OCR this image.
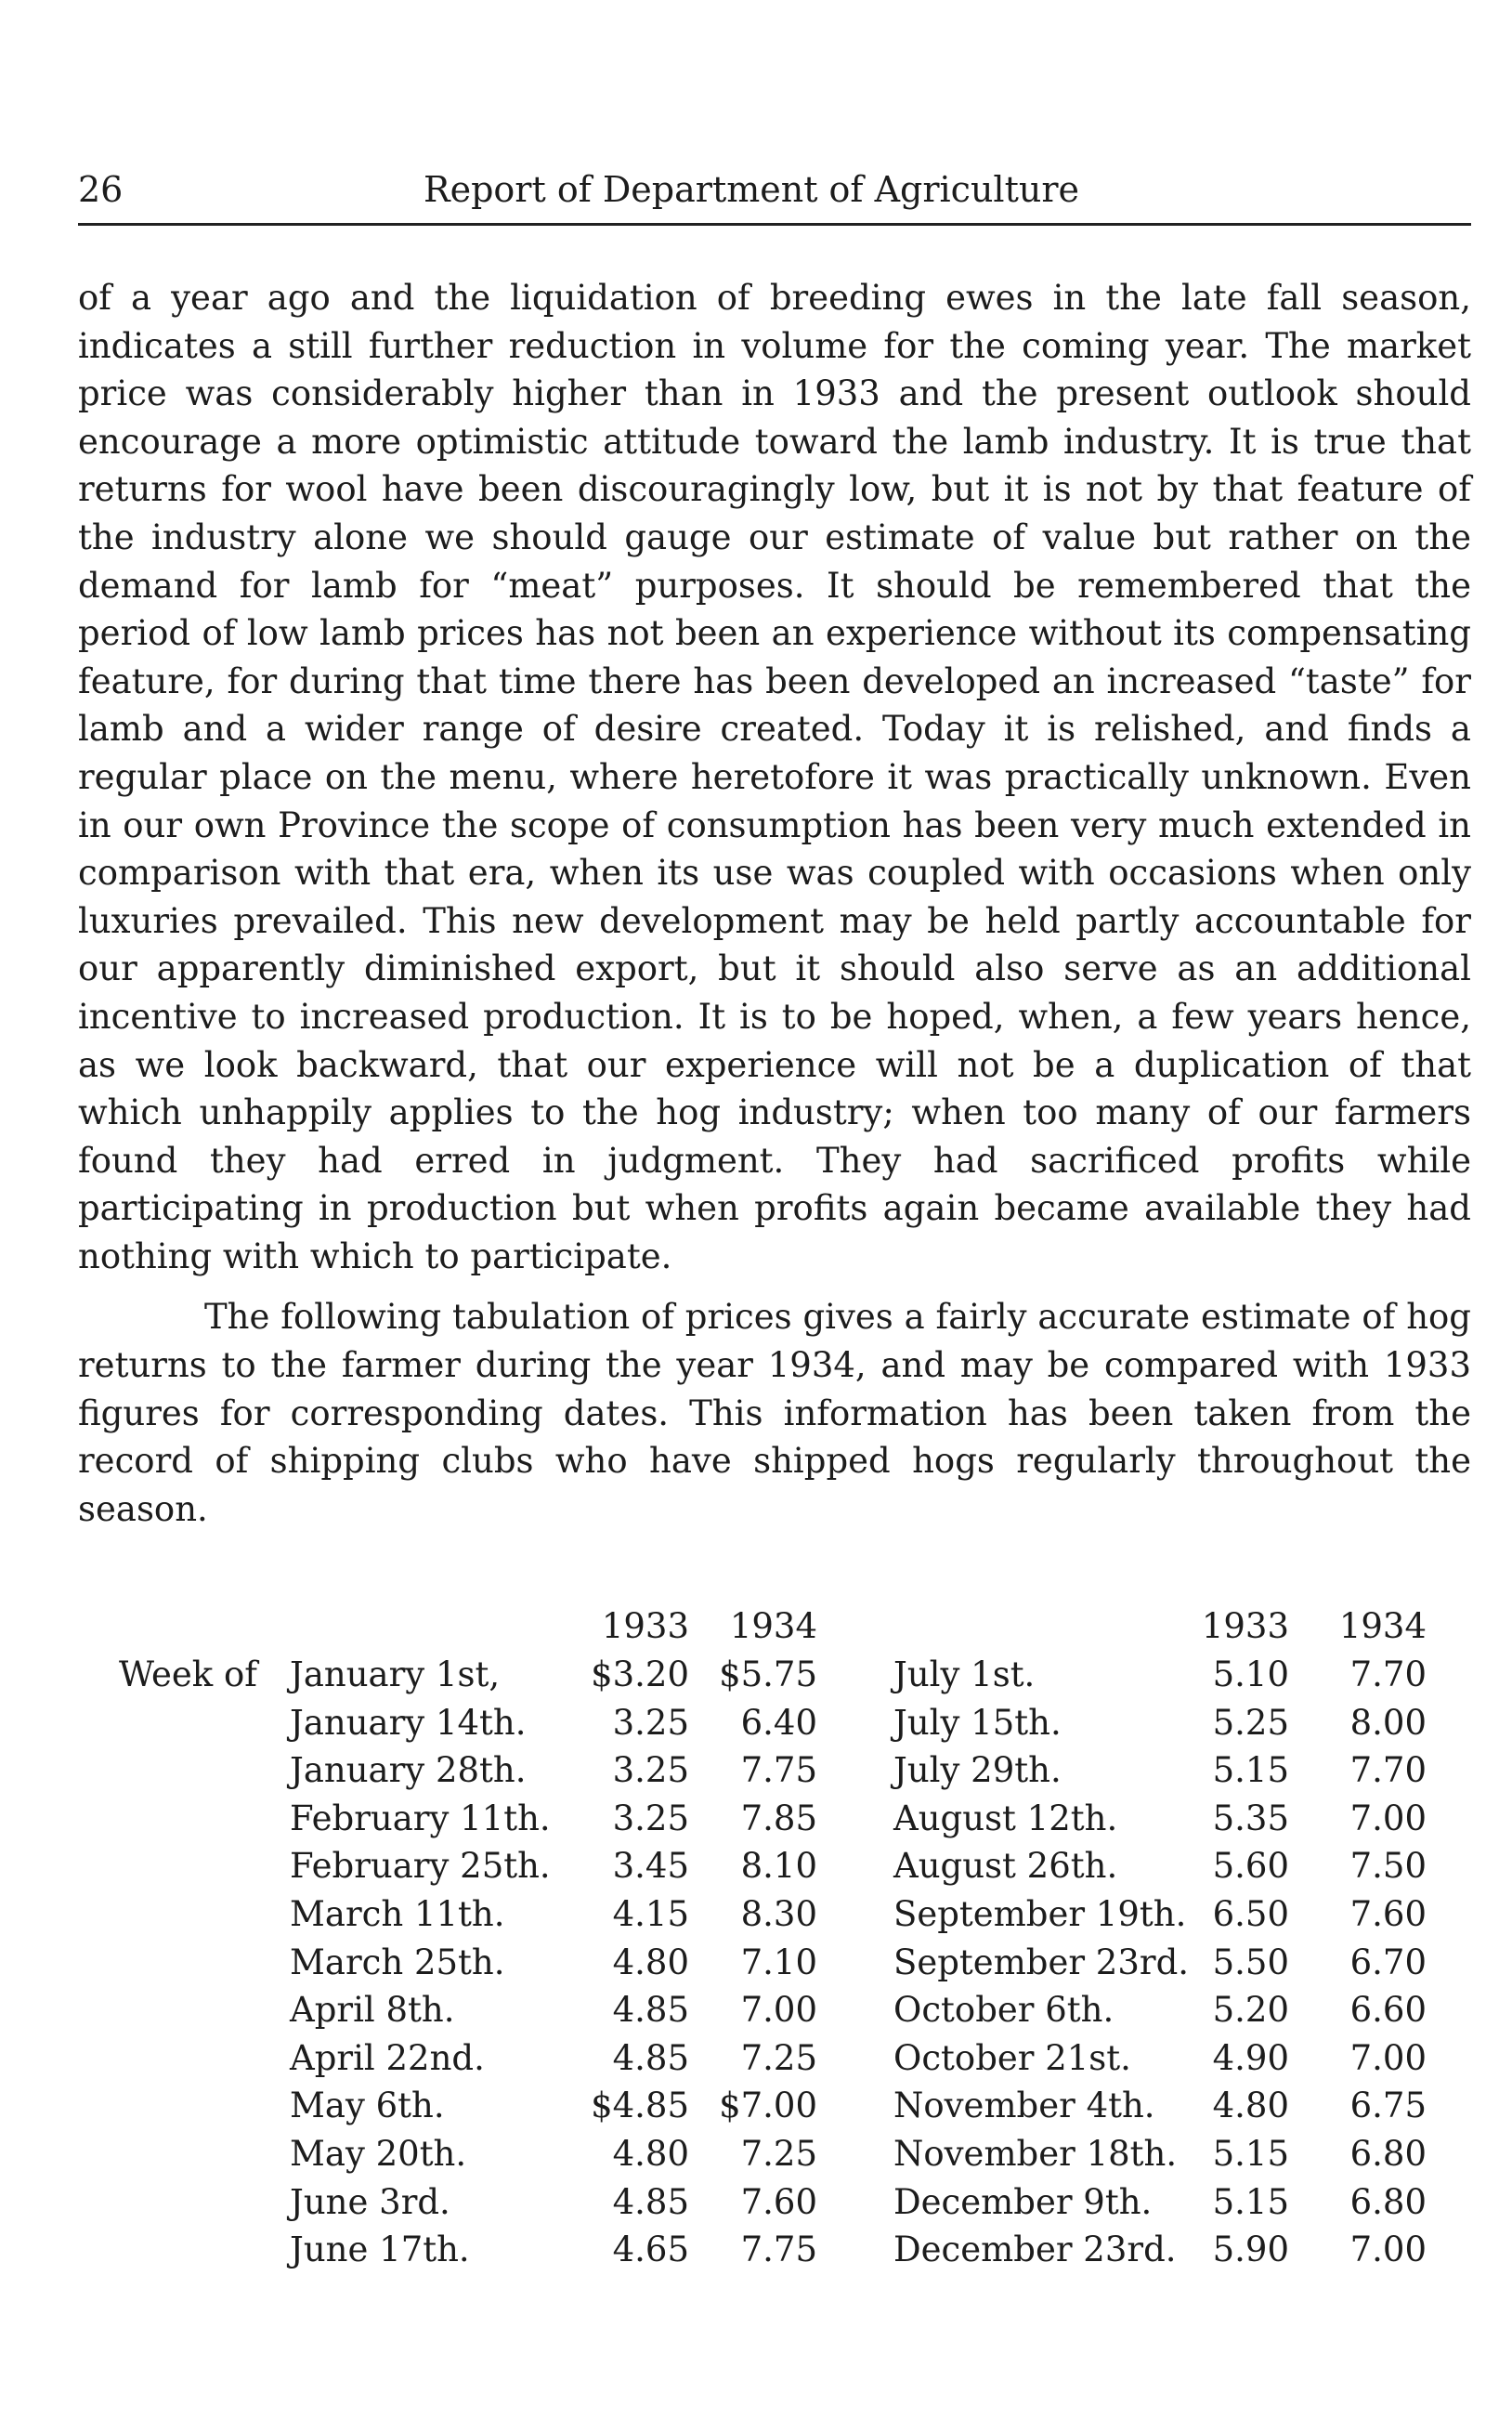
26	Report of Department of Agriculture

of a year ago and the liquidation of breeding ewes in the late fall season, indicates a still further reduction in volume for the coming year. The market price was considerably higher than in 1933 and the present outlook should encourage a more optimistic attitude toward the lamb industry. It is true that returns for wool have been discouragingly low, but it is not by that feature of the industry alone we should gauge our estimate of value but rather on the demand for lamb for “meat” purposes. It should be remembered that the period of low lamb prices has not been an experience without its compensating feature, for during that time there has been developed an increased “taste” for lamb and a wider range of desire created. Today it is relished, and finds a regular place on the menu, where heretofore it was practically unknown. Even in our own Province the scope of consumption has been very much extended in comparison with that era, when its use was coupled with occasions when only luxuries prevailed. This new development may be held partly accountable for our apparently diminished export, but it should also serve as an additional incentive to increased production. It is to be hoped, when, a few years hence, as we look backward, that our experience will not be a duplication of that which unhappily applies to the hog industry; when too many of our farmers found they had erred in judgment. They had sacrificed profits while participating in production but when profits again became available they had nothing with which to participate.

The following tabulation of prices gives a fairly accurate estimate of hog returns to the farmer during the year 1934, and may be compared with 1933 figures for corresponding dates. This information has been taken from the record of shipping clubs who have shipped hogs regularly throughout the season.

1933 1934	1933 1934
Week of January 1st,	$3.20 $5.75
January 14th.	3.25 6.40
January 28th.	3.25 7.75
February 11th. 3.25 7.85
February 25th. 3.45 8.10
March 11th.	4.15 8.30
March 25th.	4.80 7.10
April 8th.	4.85 7.00
April 22nd.	4.85 7.25
May 6th.	$4.85 $7.00
May 20th.	4.80 7.25
June 3rd.	4.85 7.60
June 17th.	4.65 7.75
July 1st.	5.10 7.70
July 15th.	5.25 8.00
July 29th.	5.15 7.70
August 12th.	5.35 7.00
August 26th.	5.60 7.50
September 19th. 6.50 7.60
September 23rd. 5.50 6.70
October 6th.	5.20 6.60
October 21st. 4.90 7.00
November 4th. 4.80 6.75
November 18th. 5.15 6.80
December 9th. 5.15 6.80
December 23rd. 5.90 7.00
